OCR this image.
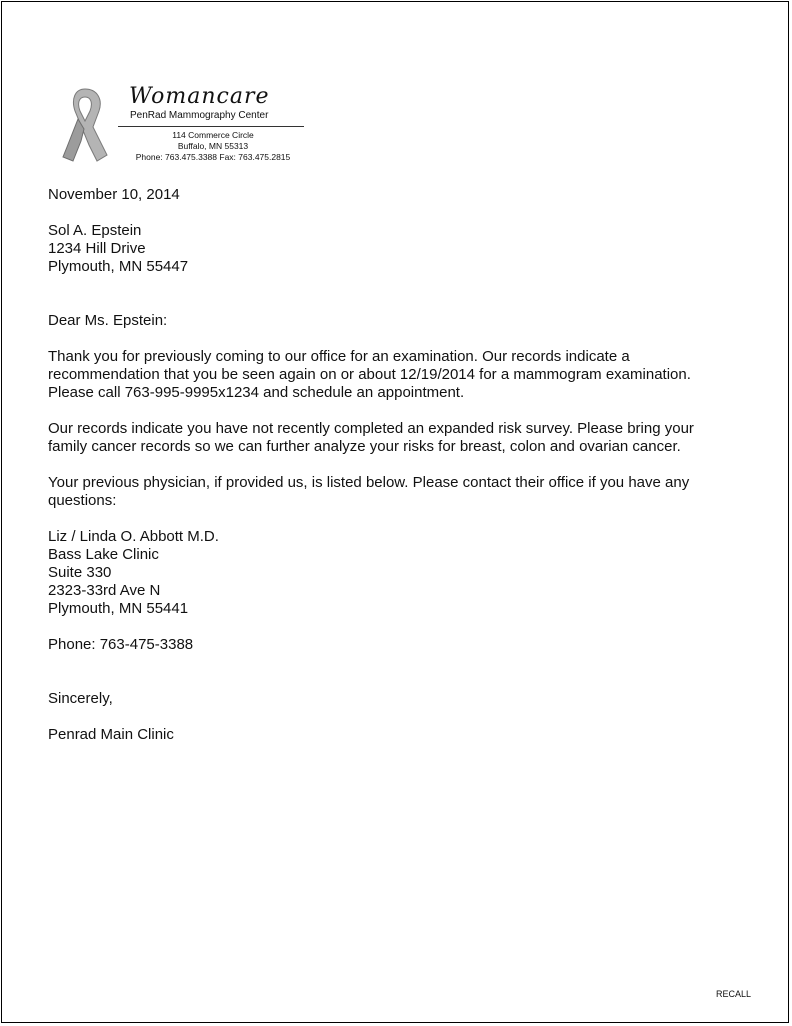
Womancare
PenRad Mammography Center
114 Commerce Circle
Buffalo, MN 55313
Phone: 763.475.3388 Fax: 763.475.2815

November 10, 2014

Sol A. Epstein

1234 Hill Drive

Plymouth, MN 55447

Dear Ms. Epstein:

Thank you for previously coming to our office for an examination. Our records indicate a

recommendation that you be seen again on or about 12/19/2014 for a mammogram examination.

Please call 763-995-9995x1234 and schedule an appointment.

Our records indicate you have not recently completed an expanded risk survey. Please bring your

family cancer records so we can further analyze your risks for breast, colon and ovarian cancer.

Your previous physician, if provided us, is listed below. Please contact their office if you have any

questions:

Liz / Linda O. Abbott M.D.

Bass Lake Clinic

Suite 330

2323-33rd Ave N

Plymouth, MN 55441

Phone: 763-475-3388

Sincerely,

Penrad Main Clinic

RECALL
